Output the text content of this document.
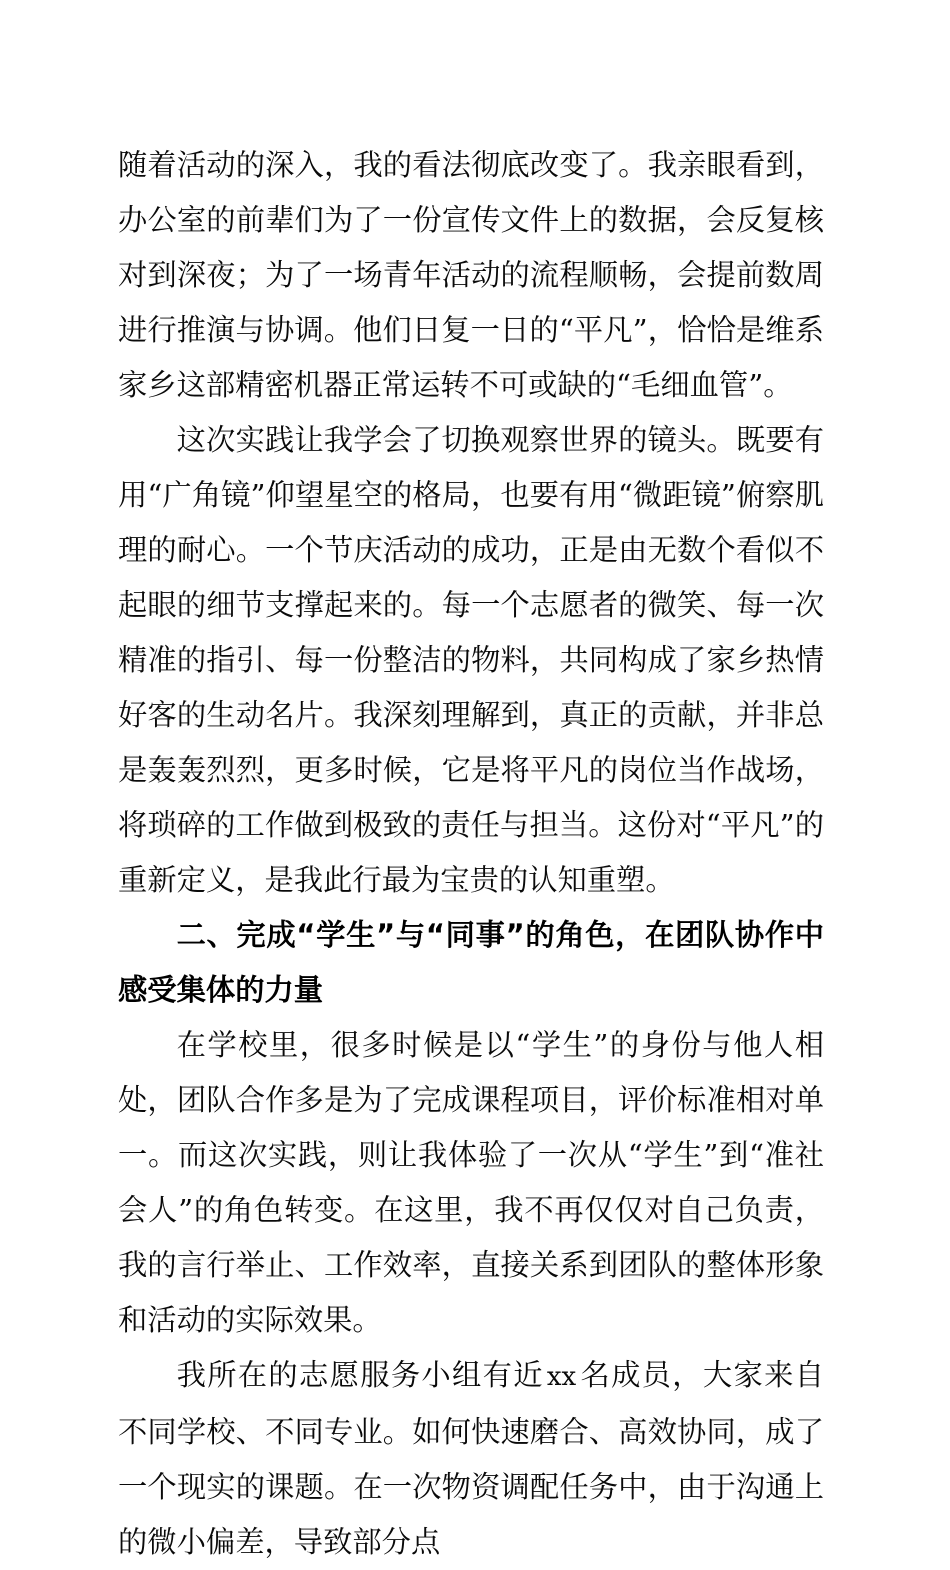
随着活动的深入，我的看法彻底改变了。我亲眼看到，办公室的前辈们为了一份宣传文件上的数据，会反复核对到深夜；为了一场青年活动的流程顺畅，会提前数周进行推演与协调。他们日复一日的“平凡”，恰恰是维系家乡这部精密机器正常运转不可或缺的“毛细血管”。

这次实践让我学会了切换观察世界的镜头。既要有用“广角镜”仰望星空的格局，也要有用“微距镜”俯察肌理的耐心。一个节庆活动的成功，正是由无数个看似不起眼的细节支撑起来的。每一个志愿者的微笑、每一次精准的指引、每一份整洁的物料，共同构成了家乡热情好客的生动名片。我深刻理解到，真正的贡献，并非总是轰轰烈烈，更多时候，它是将平凡的岗位当作战场，将琐碎的工作做到极致的责任与担当。这份对“平凡”的重新定义，是我此行最为宝贵的认知重塑。

二、完成“学生”与“同事”的角色，在团队协作中感受集体的力量

在学校里，很多时候是以“学生”的身份与他人相处，团队合作多是为了完成课程项目，评价标准相对单一。而这次实践，则让我体验了一次从“学生”到“准社会人”的角色转变。在这里，我不再仅仅对自己负责，我的言行举止、工作效率，直接关系到团队的整体形象和活动的实际效果。

我所在的志愿服务小组有近 xx 名成员，大家来自不同学校、不同专业。如何快速磨合、高效协同，成了一个现实的课题。在一次物资调配任务中，由于沟通上的微小偏差，导致部分点
